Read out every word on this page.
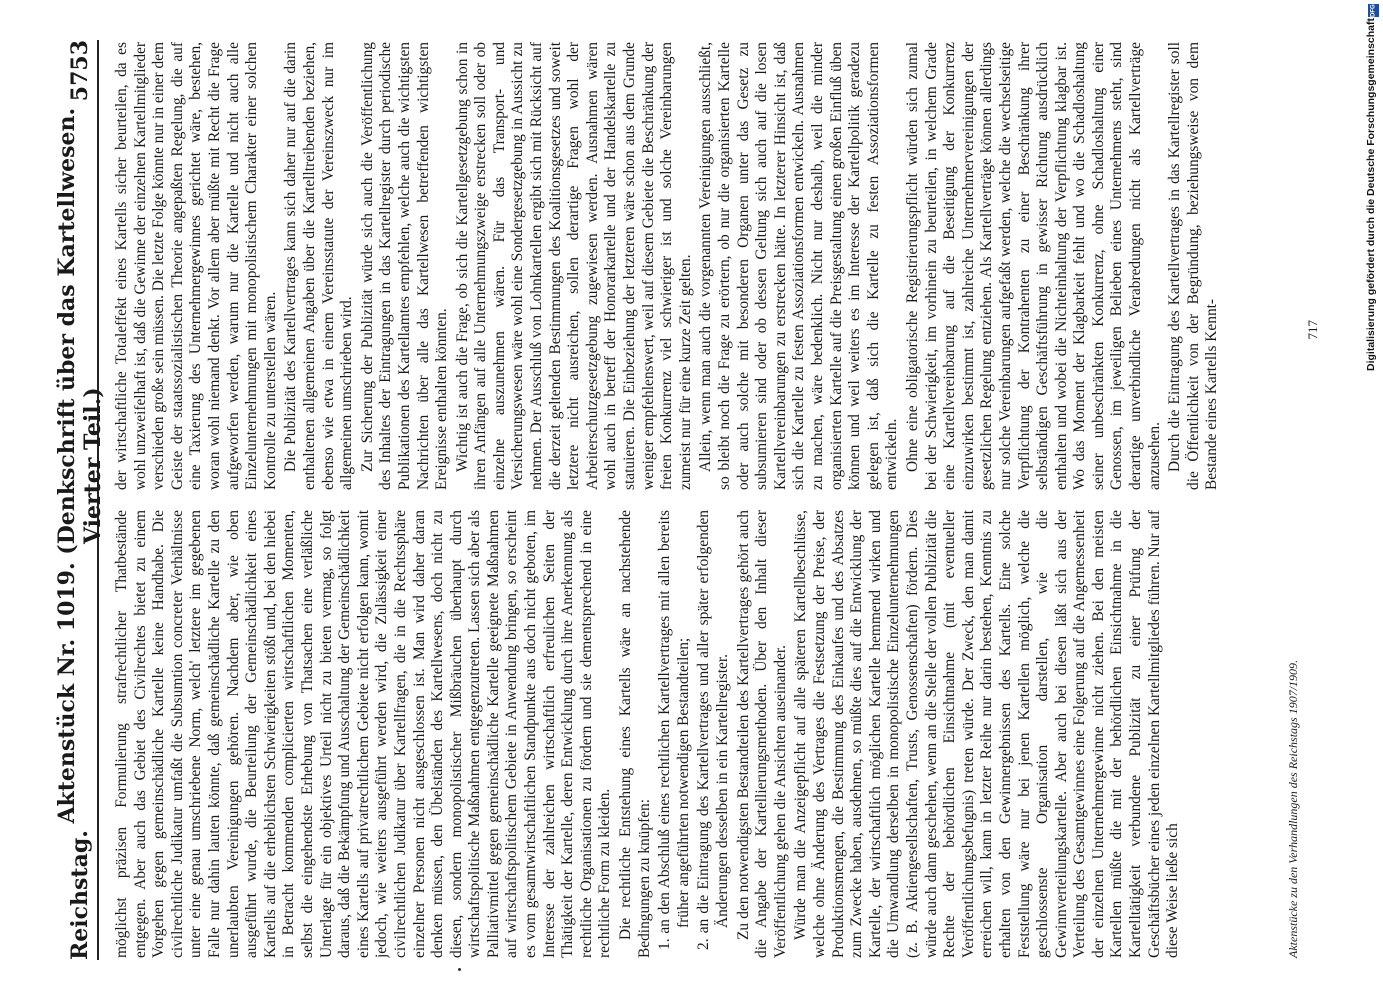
Reichstag.
Aktenstück Nr. 1019. (Denkschrift über das Kartellwesen. Vierter Teil.)
5753

möglichst präzisen Formulierung strafrechtlicher Thatbestände entgegen. Aber auch das Gebiet des Civilrechtes bietet zu einem Vorgehen gegen gemeinschädliche Kartelle keine Handhabe. Die civilrechtliche Judikatur umfaßt die Subsumtion concreter Verhältnisse unter eine genau umschriebene Norm, welch' letztere im gegebenen Falle nur dahin lauten könnte, daß gemeinschädliche Kartelle zu den unerlaubten Vereinigungen gehören. Nachdem aber, wie oben ausgeführt wurde, die Beurteilung der Gemeinschädlichkeit eines Kartells auf die erheblichsten Schwierigkeiten stößt und, bei den hiebei in Betracht kommenden complicierten wirtschaftlichen Momenten, selbst die eingehendste Erhebung von Thatsachen eine verläßliche Unterlage für ein objektives Urteil nicht zu bieten vermag, so folgt daraus, daß die Bekämpfung und Ausschaltung der Gemeinschädlichkeit eines Kartells auf privatrechtlichem Gebiete nicht erfolgen kann, womit jedoch, wie weiters ausgeführt werden wird, die Zulässigkeit einer civilrechtlichen Judikatur über Kartellfragen, die in die Rechtssphäre einzelner Personen nicht ausgeschlossen ist. Man wird daher daran denken müssen, den Übelständen des Kartellwesens, doch nicht zu diesen, sondern monopolistischer Mißbräuchen überhaupt durch wirtschaftspolitische Maßnahmen entgegenzutreten. Lassen sich aber als Palliativmittel gegen gemeinschädliche Kartelle geeignete Maßnahmen auf wirtschaftspolitischem Gebiete in Anwendung bringen, so erscheint es vom gesamtwirtschaftlichen Standpunkte aus doch nicht geboten, im Interesse der zahlreichen wirtschaftlich erfreulichen Seiten der Thätigkeit der Kartelle, deren Entwicklung durch ihre Anerkennung als rechtliche Organisationen zu fördern und sie dementsprechend in eine rechtliche Form zu kleiden. Die rechtliche Entstehung eines Kartells wäre an nachstehende Bedingungen zu knüpfen: 1. an den Abschluß eines rechtlichen Kartellvertrages mit allen bereits früher angeführten notwendigen Bestandteilen; 2. an die Eintragung des Kartellvertrages und aller später erfolgenden Änderungen desselben in ein Kartellregister. Zu den notwendigsten Bestandteilen des Kartellvertrages gehört auch die Angabe der Kartellierungsmethoden. Über den Inhalt dieser Veröffentlichung gehen die Ansichten auseinander. Würde man die Anzeigepflicht auf alle späteren Kartellbeschlüsse, welche ohne Änderung des Vertrages die Festsetzung der Preise, der Produktionsmengen, die Bestimmung des Einkaufes und des Absatzes zum Zwecke haben, ausdehnen, so müßte dies auf die Entwicklung der Kartelle, der wirtschaftlich möglichen Kartelle hemmend wirken und die Umwandlung derselben in monopolistische Einzelunternehmungen (z. B. Aktiengesellschaften, Trusts, Genossenschaften) fördern. Dies würde auch dann geschehen, wenn an die Stelle der vollen Publizität die Rechte der behördlichen Einsichtnahme (mit eventueller Veröffentlichungsbefugnis) treten würde. Der Zweck, den man damit erreichen will, kann in letzter Reihe nur darin bestehen, Kenntnis zu erhalten von den Gewinnergebnissen des Kartells. Eine solche Feststellung wäre nur bei jenen Kartellen möglich, welche die geschlossenste Organisation darstellen, wie die Gewinnverteilungskartelle. Aber auch bei diesen läßt sich aus der Verteilung des Gesamtgewinnes eine Folgerung auf die Angemessenheit der einzelnen Unternehmergewinne nicht ziehen. Bei den meisten Kartellen müßte die mit der behördlichen Einsichtnahme in die Kartelltätigkeit verbundene Publizität zu einer Prüfung der Geschäftsbücher eines jeden einzelnen Kartellmitgliedes führen. Nur auf diese Weise ließe sich

der wirtschaftliche Totaleffekt eines Kartells sicher beurteilen, da es wohl unzweifelhaft ist, daß die Gewinne der einzelnen Kartellmitglieder verschieden große sein müssen. Die letzte Folge könnte nur in einer dem Geiste der staatssozialistischen Theorie angepaßten Regelung, die auf eine Taxierung des Unternehmergewinnes gerichtet wäre, bestehen, woran wohl niemand denkt. Vor allem aber müßte mit Recht die Frage aufgeworfen werden, warum nur die Kartelle und nicht auch alle Einzelunternehmungen mit monopolistischem Charakter einer solchen Kontrolle zu unterstellen wären. Die Publizität des Kartellvertrages kann sich daher nur auf die darin enthaltenen allgemeinen Angaben über die Kartelltreibenden beziehen, ebenso wie etwa in einem Vereinsstatute der Vereinszweck nur im allgemeinen umschrieben wird. Zur Sicherung der Publizität würde sich auch die Veröffentlichung des Inhaltes der Eintragungen in das Kartellregister durch periodische Publikationen des Kartellamtes empfehlen, welche auch die wichtigsten Nachrichten über alle das Kartellwesen betreffenden wichtigsten Ereignisse enthalten könnten. Wichtig ist auch die Frage, ob sich die Kartellgesetzgebung schon in ihren Anfängen auf alle Unternehmungszweige erstrecken soll oder ob einzelne auszunehmen wären. Für das Transport- und Versicherungswesen wäre wohl eine Sondergesetzgebung in Aussicht zu nehmen. Der Ausschluß von Lohnkartellen ergibt sich mit Rücksicht auf die derzeit geltenden Bestimmungen des Koalitionsgesetzes und soweit letztere nicht ausreichen, sollen derartige Fragen wohl der Arbeiterschutzgesetzgebung zugewiesen werden. Ausnahmen wären wohl auch in betreff der Honorarkartelle und der Handelskartelle zu statuieren. Die Einbeziehung der letzteren wäre schon aus dem Grunde weniger empfehlenswert, weil auf diesem Gebiete die Beschränkung der freien Konkurrenz viel schwieriger ist und solche Vereinbarungen zumeist nur für eine kurze Zeit gelten. Allein, wenn man auch die vorgenannten Vereinigungen ausschließt, so bleibt noch die Frage zu erörtern, ob nur die organisierten Kartelle oder auch solche mit besonderen Organen unter das Gesetz zu subsumieren sind oder ob dessen Geltung sich auch auf die losen Kartellvereinbarungen zu erstrecken hätte. In letzterer Hinsicht ist, daß sich die Kartelle zu festen Assoziationsformen entwickeln. Ausnahmen zu machen, wäre bedenklich. Nicht nur deshalb, weil die minder organisierten Kartelle auf die Preisgestaltung einen großen Einfluß üben können und weil weiters es im Interesse der Kartellpolitik geradezu gelegen ist, daß sich die Kartelle zu festen Assoziationsformen entwickeln. Ohne eine obligatorische Registrierungspflicht würden sich zumal bei der Schwierigkeit, im vorhinein zu beurteilen, in welchem Grade eine Kartellvereinbarung auf die Beseitigung der Konkurrenz einzuwirken bestimmt ist, zahlreiche Unternehmervereinigungen der gesetzlichen Regelung entziehen. Als Kartellverträge können allerdings nur solche Vereinbarungen aufgefaßt werden, welche die wechselseitige Verpflichtung der Kontrahenten zu einer Beschränkung ihrer selbständigen Geschäftsführung in gewisser Richtung ausdrücklich enthalten und wobei die Nichteinhaltung der Verpflichtung klagbar ist. Wo das Moment der Klagbarkeit fehlt und wo die Schadloshaltung seiner unbeschränkten Konkurrenz, ohne Schadloshaltung einer Genossen, im jeweiligen Belieben eines Unternehmens steht, sind derartige unverbindliche Verabredungen nicht als Kartellverträge anzusehen. Durch die Eintragung des Kartellvertrages in das Kartellregister soll die Öffentlichkeit von der Begründung, beziehungsweise von dem Bestande eines Kartells Kennt-

Aktenstücke zu den Verhandlungen des Reichstags 1907/1909.
717	Digitalisierung gefördert durch die Deutsche Forschungsgemeinschaft
DFG
